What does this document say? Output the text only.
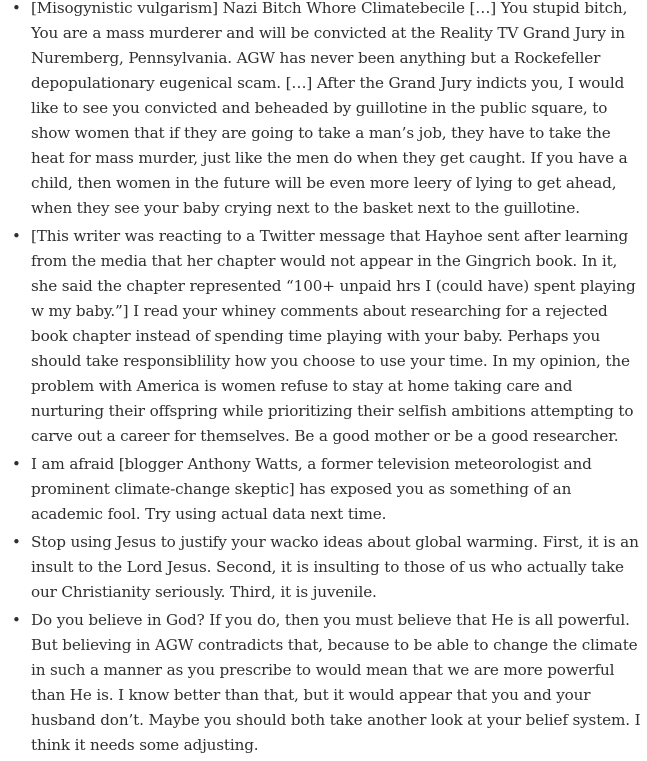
• [Misogynistic vulgarism] Nazi Bitch Whore Climatebecile […] You stupid bitch, You are a mass murderer and will be convicted at the Reality TV Grand Jury in Nuremberg, Pennsylvania. AGW has never been anything but a Rockefeller depopulationary eugenical scam. […] After the Grand Jury indicts you, I would like to see you convicted and beheaded by guillotine in the public square, to show women that if they are going to take a man’s job, they have to take the heat for mass murder, just like the men do when they get caught. If you have a child, then women in the future will be even more leery of lying to get ahead, when they see your baby crying next to the basket next to the guillotine.
• [This writer was reacting to a Twitter message that Hayhoe sent after learning from the media that her chapter would not appear in the Gingrich book. In it, she said the chapter represented “100+ unpaid hrs I (could have) spent playing w my baby.”] I read your whiney comments about researching for a rejected book chapter instead of spending time playing with your baby. Perhaps you should take responsiblility how you choose to use your time. In my opinion, the problem with America is women refuse to stay at home taking care and nurturing their offspring while prioritizing their selfish ambitions attempting to carve out a career for themselves. Be a good mother or be a good researcher.
• I am afraid [blogger Anthony Watts, a former television meteorologist and prominent climate-change skeptic] has exposed you as something of an academic fool. Try using actual data next time.
• Stop using Jesus to justify your wacko ideas about global warming. First, it is an insult to the Lord Jesus. Second, it is insulting to those of us who actually take our Christianity seriously. Third, it is juvenile.
• Do you believe in God? If you do, then you must believe that He is all powerful. But believing in AGW contradicts that, because to be able to change the climate in such a manner as you prescribe to would mean that we are more powerful than He is. I know better than that, but it would appear that you and your husband don’t. Maybe you should both take another look at your belief system. I think it needs some adjusting.
